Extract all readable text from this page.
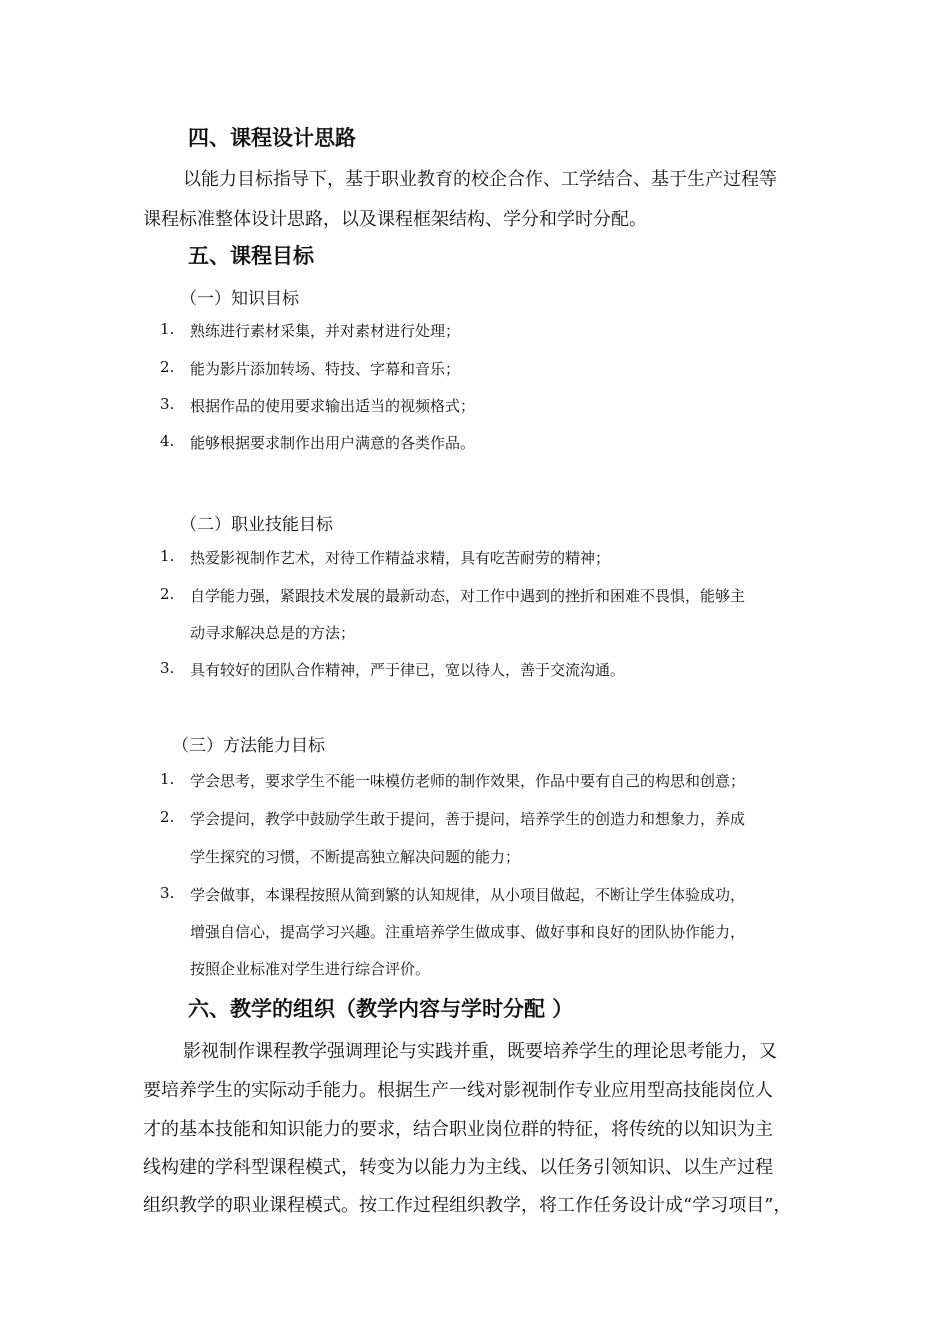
四、课程设计思路
以能力目标指导下，基于职业教育的校企合作、工学结合、基于生产过程等
课程标准整体设计思路，以及课程框架结构、学分和学时分配。
五、课程目标
（一）知识目标
1. 熟练进行素材采集，并对素材进行处理；
2. 能为影片添加转场、特技、字幕和音乐；
3. 根据作品的使用要求输出适当的视频格式；
4. 能够根据要求制作出用户满意的各类作品。
（二）职业技能目标
1. 热爱影视制作艺术，对待工作精益求精，具有吃苦耐劳的精神；
2. 自学能力强，紧跟技术发展的最新动态，对工作中遇到的挫折和困难不畏惧，能够主
动寻求解决总是的方法；
3. 具有较好的团队合作精神，严于律已，宽以待人，善于交流沟通。
（三）方法能力目标
1. 学会思考，要求学生不能一味模仿老师的制作效果，作品中要有自己的构思和创意；
2. 学会提问，教学中鼓励学生敢于提问，善于提问，培养学生的创造力和想象力，养成
学生探究的习惯，不断提高独立解决问题的能力；
3. 学会做事，本课程按照从简到繁的认知规律，从小项目做起，不断让学生体验成功，
增强自信心，提高学习兴趣。注重培养学生做成事、做好事和良好的团队协作能力，
按照企业标准对学生进行综合评价。
六、教学的组织（教学内容与学时分配 ）
影视制作课程教学强调理论与实践并重，既要培养学生的理论思考能力，又
要培养学生的实际动手能力。根据生产一线对影视制作专业应用型高技能岗位人
才的基本技能和知识能力的要求，结合职业岗位群的特征，将传统的以知识为主
线构建的学科型课程模式，转变为以能力为主线、以任务引领知识、以生产过程
组织教学的职业课程模式。按工作过程组织教学，将工作任务设计成“学习项目”，
